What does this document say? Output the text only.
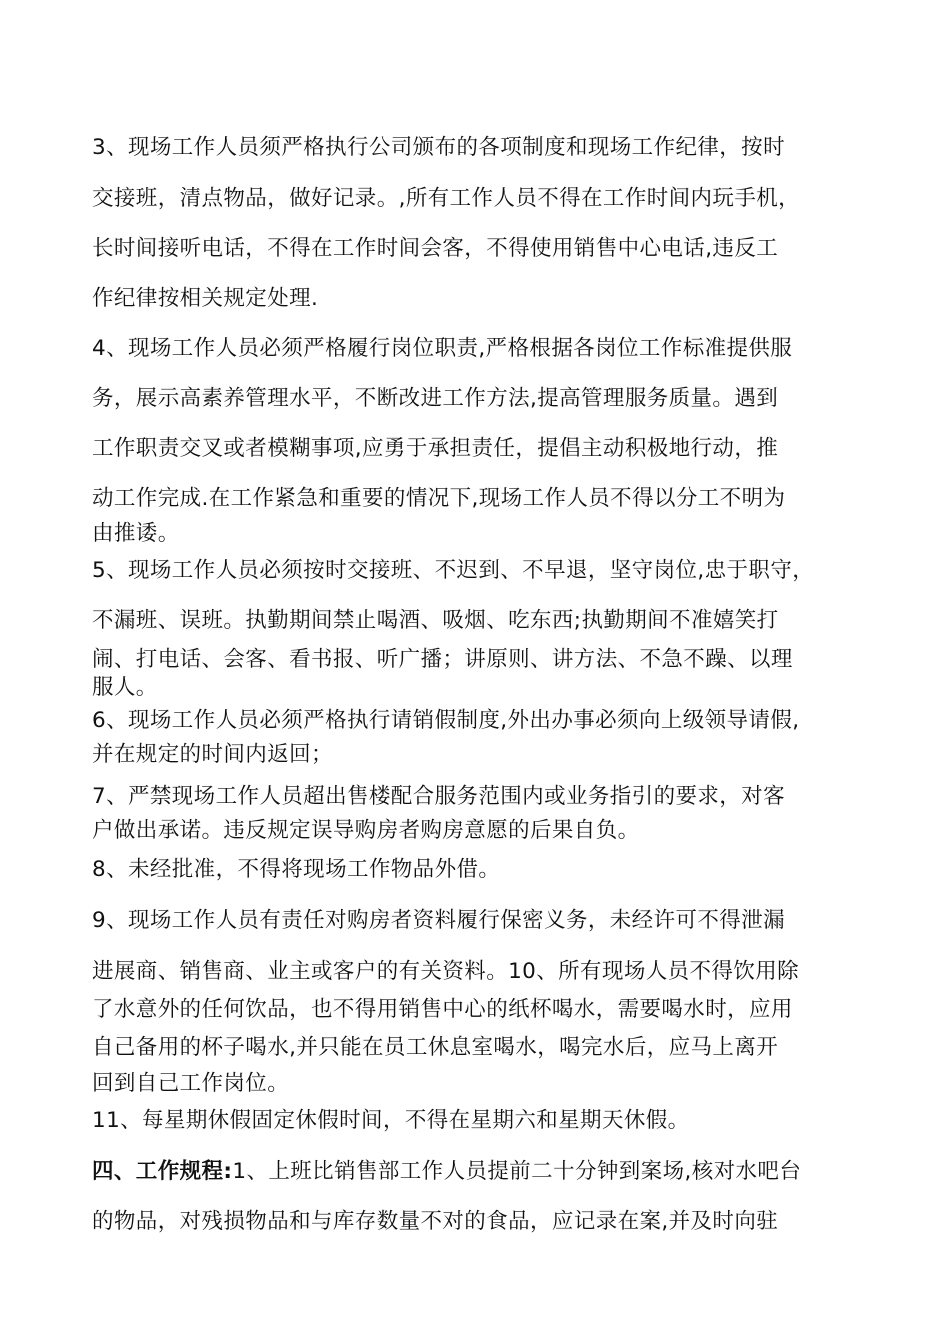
3、现场工作人员须严格执行公司颁布的各项制度和现场工作纪律，按时
交接班，清点物品，做好记录。,所有工作人员不得在工作时间内玩手机，
长时间接听电话，不得在工作时间会客，不得使用销售中心电话,违反工
作纪律按相关规定处理.
4、现场工作人员必须严格履行岗位职责,严格根据各岗位工作标准提供服
务，展示高素养管理水平，不断改进工作方法,提高管理服务质量。遇到
工作职责交叉或者模糊事项,应勇于承担责任，提倡主动积极地行动，推
动工作完成.在工作紧急和重要的情况下,现场工作人员不得以分工不明为
由推诿。
5、现场工作人员必须按时交接班、不迟到、不早退，坚守岗位,忠于职守，
不漏班、误班。执勤期间禁止喝酒、吸烟、吃东西;执勤期间不准嬉笑打
闹、打电话、会客、看书报、听广播；讲原则、讲方法、不急不躁、以理
服人。
6、现场工作人员必须严格执行请销假制度,外出办事必须向上级领导请假,
并在规定的时间内返回；
7、严禁现场工作人员超出售楼配合服务范围内或业务指引的要求，对客
户做出承诺。违反规定误导购房者购房意愿的后果自负。
8、未经批准，不得将现场工作物品外借。
9、现场工作人员有责任对购房者资料履行保密义务，未经许可不得泄漏
进展商、销售商、业主或客户的有关资料。10、所有现场人员不得饮用除
了水意外的任何饮品，也不得用销售中心的纸杯喝水，需要喝水时，应用
自己备用的杯子喝水,并只能在员工休息室喝水，喝完水后，应马上离开
回到自己工作岗位。
11、每星期休假固定休假时间，不得在星期六和星期天休假。
四、工作规程:1、上班比销售部工作人员提前二十分钟到案场,核对水吧台
的物品，对残损物品和与库存数量不对的食品，应记录在案,并及时向驻
